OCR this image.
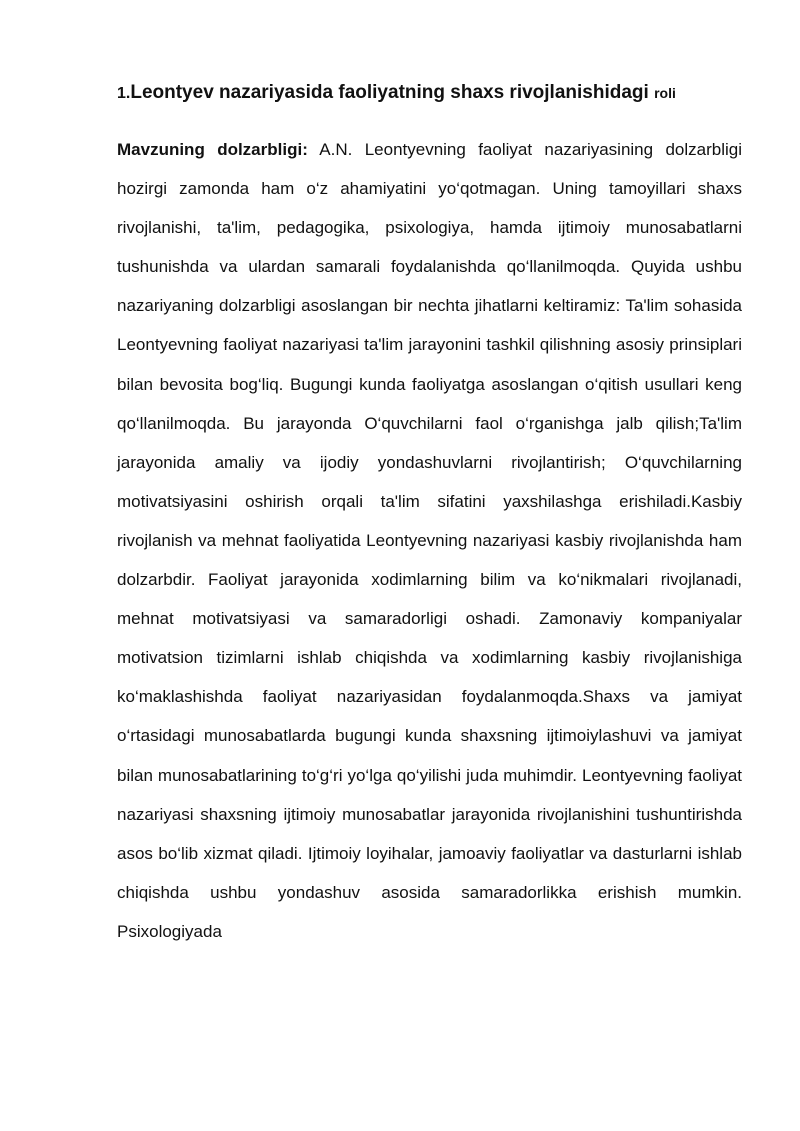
1.Leontyev nazariyasida faoliyatning shaxs rivojlanishidagi roli

Mavzuning dolzarbligi: A.N. Leontyevning faoliyat nazariyasining dolzarbligi hozirgi zamonda ham o‘z ahamiyatini yo‘qotmagan. Uning tamoyillari shaxs rivojlanishi, ta'lim, pedagogika, psixologiya, hamda ijtimoiy munosabatlarni tushunishda va ulardan samarali foydalanishda qo‘llanilmoqda. Quyida ushbu nazariyaning dolzarbligi asoslangan bir nechta jihatlarni keltiramiz: Ta'lim sohasida Leontyevning faoliyat nazariyasi ta'lim jarayonini tashkil qilishning asosiy prinsiplari bilan bevosita bog‘liq. Bugungi kunda faoliyatga asoslangan o‘qitish usullari keng qo‘llanilmoqda. Bu jarayonda O‘quvchilarni faol o‘rganishga jalb qilish;Ta'lim jarayonida amaliy va ijodiy yondashuvlarni rivojlantirish; O‘quvchilarning motivatsiyasini oshirish orqali ta'lim sifatini yaxshilashga erishiladi.Kasbiy rivojlanish va mehnat faoliyatida Leontyevning nazariyasi kasbiy rivojlanishda ham dolzarbdir. Faoliyat jarayonida xodimlarning bilim va ko‘nikmalari rivojlanadi, mehnat motivatsiyasi va samaradorligi oshadi. Zamonaviy kompaniyalar motivatsion tizimlarni ishlab chiqishda va xodimlarning kasbiy rivojlanishiga ko‘maklashishda faoliyat nazariyasidan foydalanmoqda.Shaxs va jamiyat o‘rtasidagi munosabatlarda bugungi kunda shaxsning ijtimoiylashuvi va jamiyat bilan munosabatlarining to‘g‘ri yo‘lga qo‘yilishi juda muhimdir. Leontyevning faoliyat nazariyasi shaxsning ijtimoiy munosabatlar jarayonida rivojlanishini tushuntirishda asos bo‘lib xizmat qiladi. Ijtimoiy loyihalar, jamoaviy faoliyatlar va dasturlarni ishlab chiqishda ushbu yondashuv asosida samaradorlikka erishish mumkin. Psixologiyada
